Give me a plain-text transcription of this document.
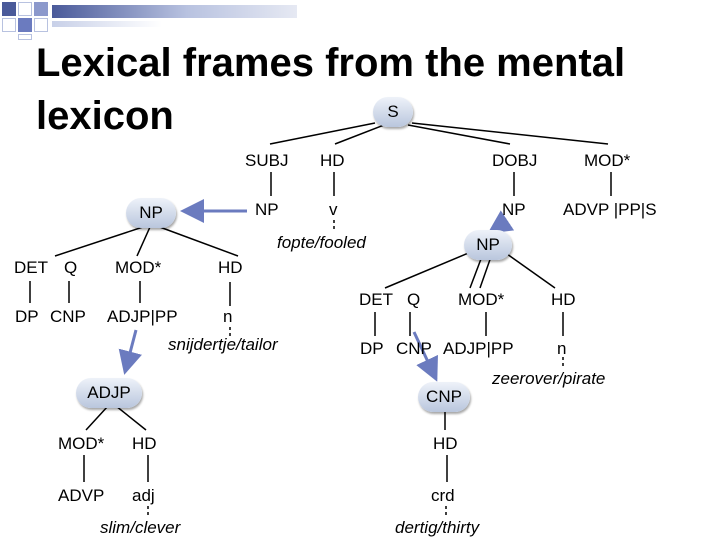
Lexical frames from the mental
lexicon	S
SUBJ HD	DOBJ	MOD*
NP	v	NP ADVP |PP|S
fopte/fooled
NP
DET Q MOD*	HD
DP CNP ADJP|PP	n
snijdertje/tailor
NP
DET Q MOD*	HD
DP CNP ADJP|PP	n
zeerover/pirate
ADJP
MOD* HD
ADVP adj
slim/clever
CNP
HD
crd
dertig/thirty
